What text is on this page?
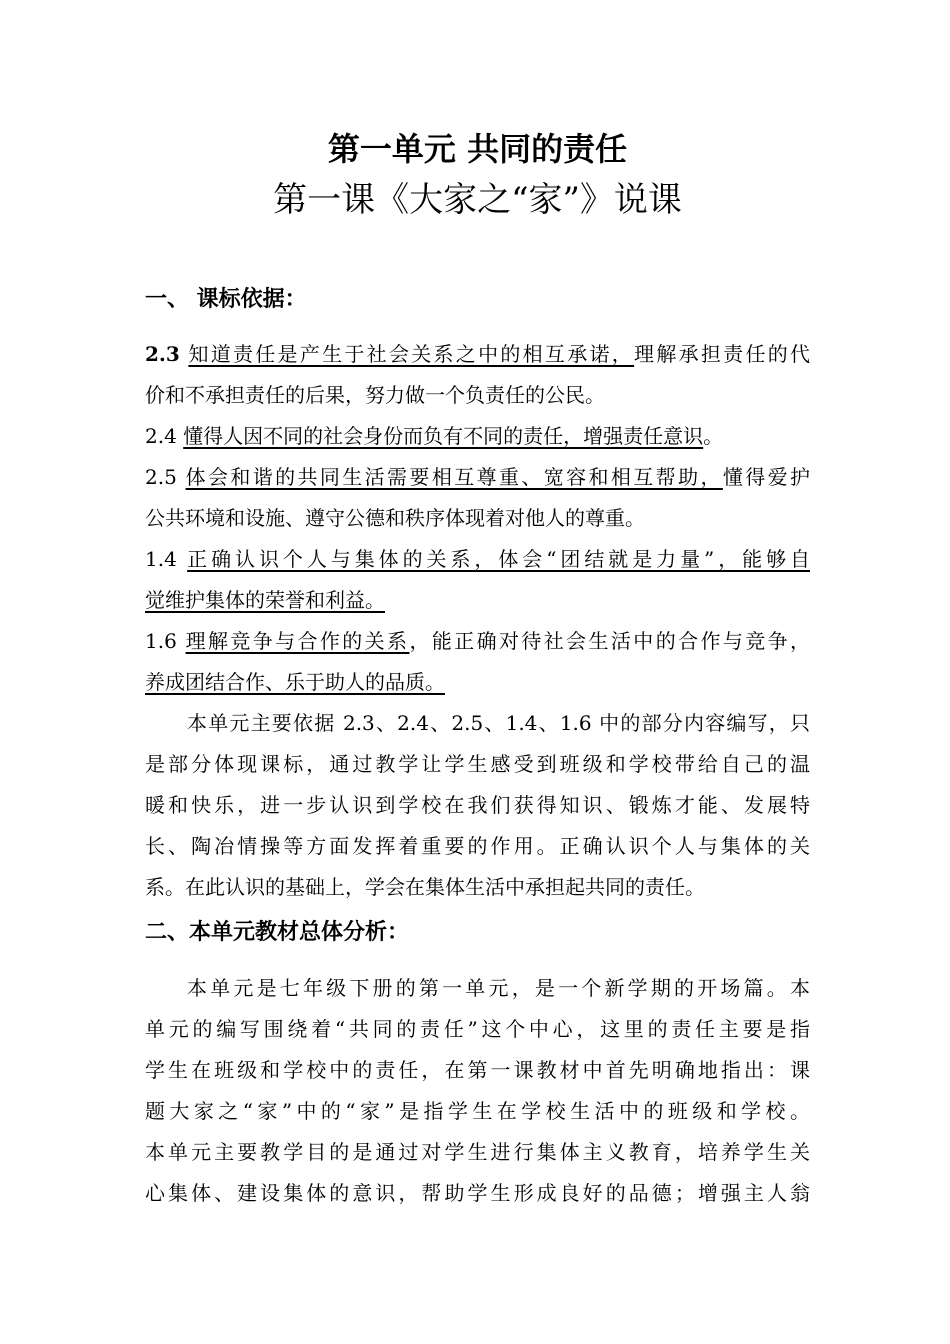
第一单元 共同的责任
第一课《大家之“家”》说课
一、 课标依据：
2.3 知道责任是产生于社会关系之中的相互承诺，理解承担责任的代
价和不承担责任的后果，努力做一个负责任的公民。
2.4 懂得人因不同的社会身份而负有不同的责任，增强责任意识。
2.5 体会和谐的共同生活需要相互尊重、宽容和相互帮助，懂得爱护
公共环境和设施、遵守公德和秩序体现着对他人的尊重。
1.4 正确认识个人与集体的关系，体会“团结就是力量”，能够自
觉维护集体的荣誉和利益。
1.6 理解竞争与合作的关系，能正确对待社会生活中的合作与竞争，
养成团结合作、乐于助人的品质。
本单元主要依据 2.3、2.4、2.5、1.4、1.6 中的部分内容编写，只
是部分体现课标，通过教学让学生感受到班级和学校带给自己的温
暖和快乐，进一步认识到学校在我们获得知识、锻炼才能、发展特
长、陶冶情操等方面发挥着重要的作用。正确认识个人与集体的关
系。在此认识的基础上，学会在集体生活中承担起共同的责任。
二、本单元教材总体分析：
本单元是七年级下册的第一单元，是一个新学期的开场篇。本
单元的编写围绕着“共同的责任”这个中心，这里的责任主要是指
学生在班级和学校中的责任，在第一课教材中首先明确地指出：课
题大家之“家”中的“家”是指学生在学校生活中的班级和学校。
本单元主要教学目的是通过对学生进行集体主义教育，培养学生关
心集体、建设集体的意识，帮助学生形成良好的品德；增强主人翁
